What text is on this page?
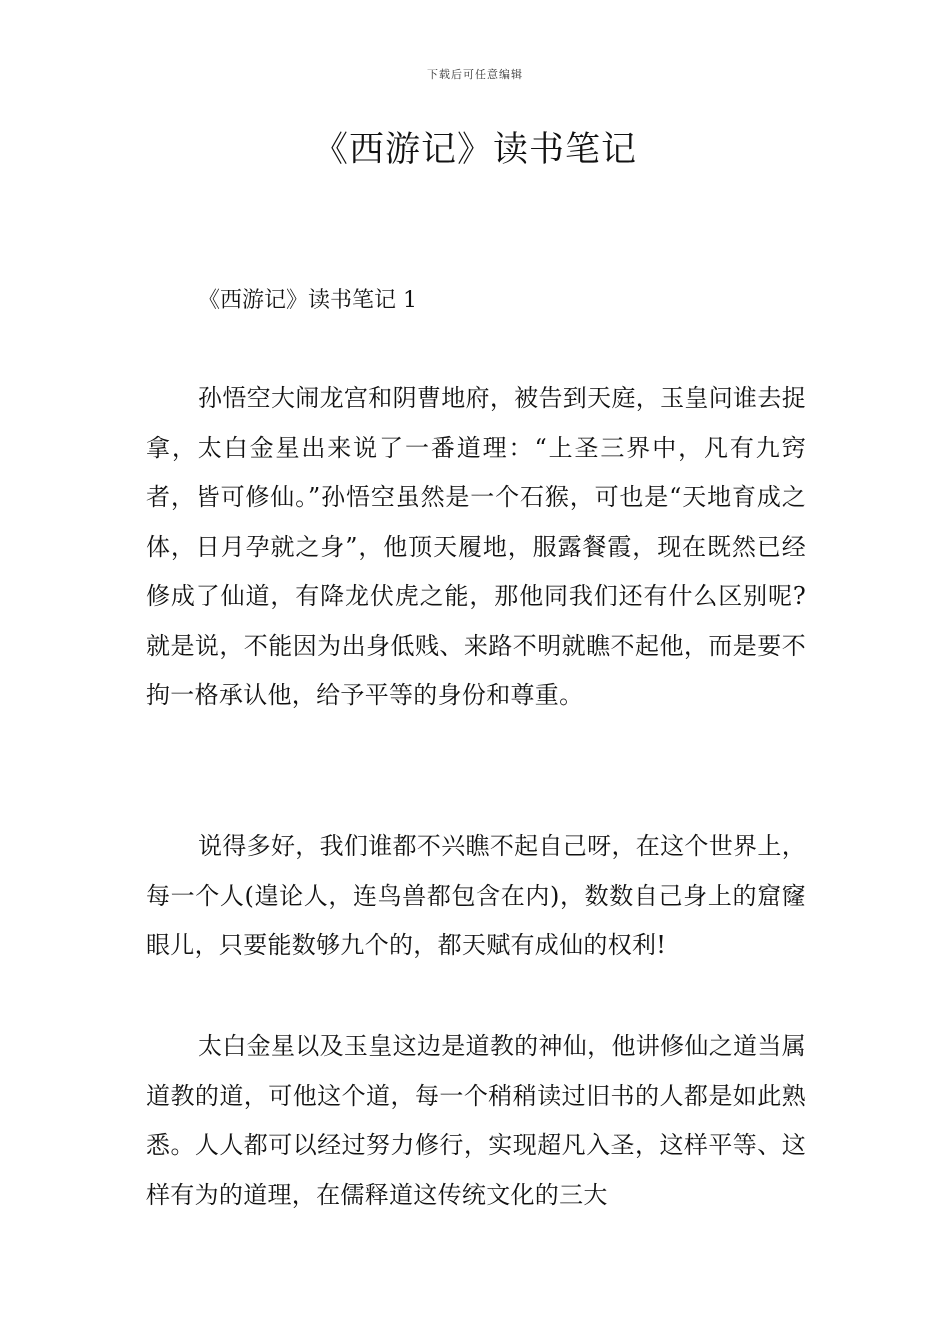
下载后可任意编辑
《西游记》读书笔记
《西游记》读书笔记 1

孙悟空大闹龙宫和阴曹地府，被告到天庭，玉皇问谁去捉拿，太白金星出来说了一番道理：“上圣三界中，凡有九窍者，皆可修仙。”孙悟空虽然是一个石猴，可也是“天地育成之体，日月孕就之身”，他顶天履地，服露餐霞，现在既然已经修成了仙道，有降龙伏虎之能，那他同我们还有什么区别呢?就是说，不能因为出身低贱、来路不明就瞧不起他，而是要不拘一格承认他，给予平等的身份和尊重。

说得多好，我们谁都不兴瞧不起自己呀，在这个世界上，每一个人(遑论人，连鸟兽都包含在内)，数数自己身上的窟窿眼儿，只要能数够九个的，都天赋有成仙的权利!

太白金星以及玉皇这边是道教的神仙，他讲修仙之道当属道教的道，可他这个道，每一个稍稍读过旧书的人都是如此熟悉。人人都可以经过努力修行，实现超凡入圣，这样平等、这样有为的道理，在儒释道这传统文化的三大
